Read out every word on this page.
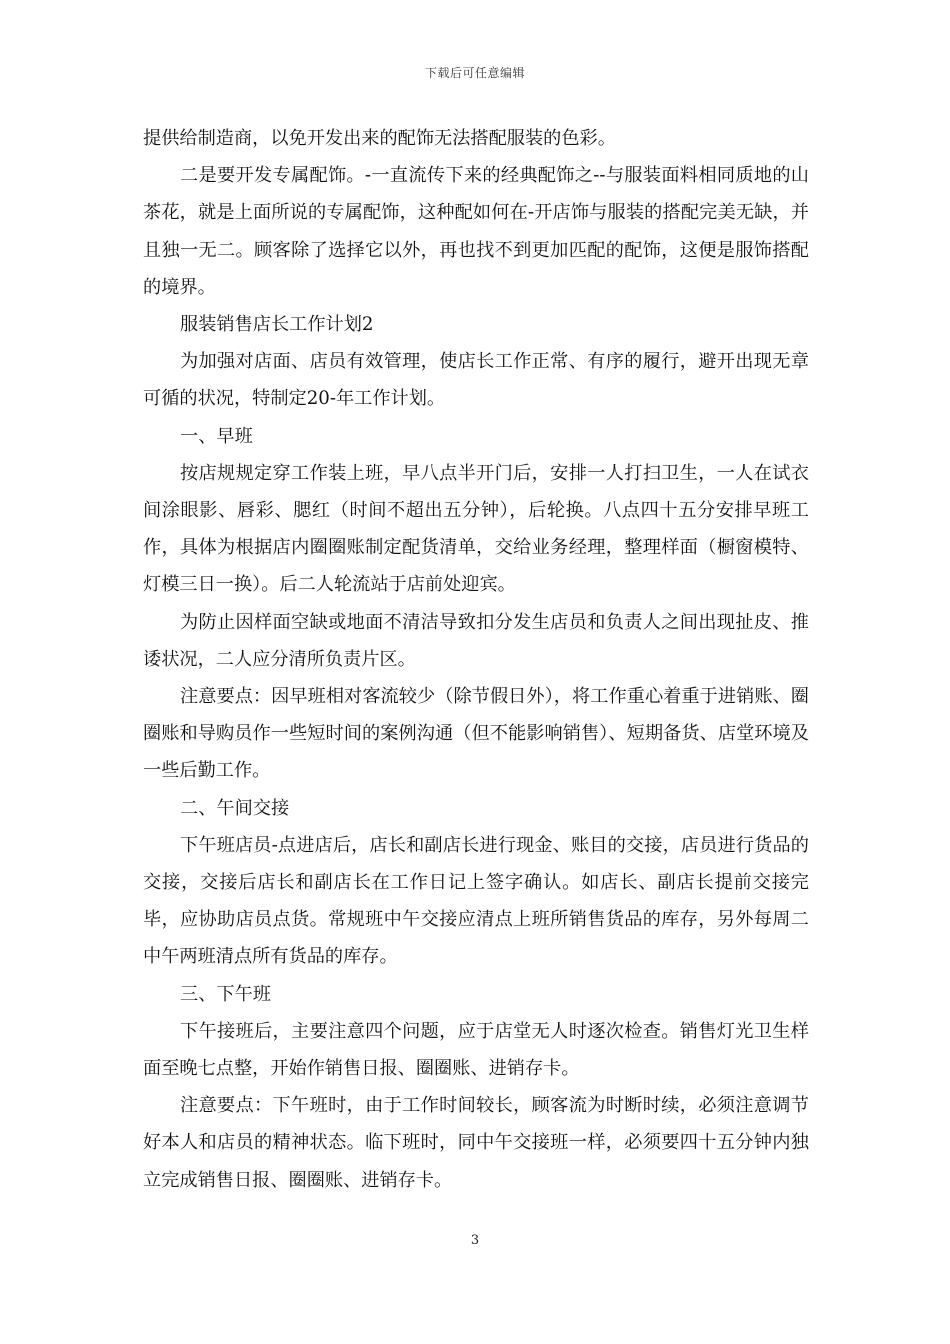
下载后可任意编辑

提供给制造商，以免开发出来的配饰无法搭配服装的色彩。

二是要开发专属配饰。-一直流传下来的经典配饰之--与服装面料相同质地的山茶花，就是上面所说的专属配饰，这种配如何在-开店饰与服装的搭配完美无缺，并且独一无二。顾客除了选择它以外，再也找不到更加匹配的配饰，这便是服饰搭配的境界。

服装销售店长工作计划2

为加强对店面、店员有效管理，使店长工作正常、有序的履行，避开出现无章可循的状况，特制定20-年工作计划。

一、早班

按店规规定穿工作装上班，早八点半开门后，安排一人打扫卫生，一人在试衣间涂眼影、唇彩、腮红（时间不超出五分钟），后轮换。八点四十五分安排早班工作，具体为根据店内圈圈账制定配货清单，交给业务经理，整理样面（橱窗模特、灯模三日一换）。后二人轮流站于店前处迎宾。

为防止因样面空缺或地面不清洁导致扣分发生店员和负责人之间出现扯皮、推诿状况，二人应分清所负责片区。

注意要点：因早班相对客流较少（除节假日外），将工作重心着重于进销账、圈圈账和导购员作一些短时间的案例沟通（但不能影响销售）、短期备货、店堂环境及一些后勤工作。

二、午间交接

下午班店员-点进店后，店长和副店长进行现金、账目的交接，店员进行货品的交接，交接后店长和副店长在工作日记上签字确认。如店长、副店长提前交接完毕，应协助店员点货。常规班中午交接应清点上班所销售货品的库存，另外每周二中午两班清点所有货品的库存。

三、下午班

下午接班后，主要注意四个问题，应于店堂无人时逐次检查。销售灯光卫生样面至晚七点整，开始作销售日报、圈圈账、进销存卡。

注意要点：下午班时，由于工作时间较长，顾客流为时断时续，必须注意调节好本人和店员的精神状态。临下班时，同中午交接班一样，必须要四十五分钟内独立完成销售日报、圈圈账、进销存卡。

3
